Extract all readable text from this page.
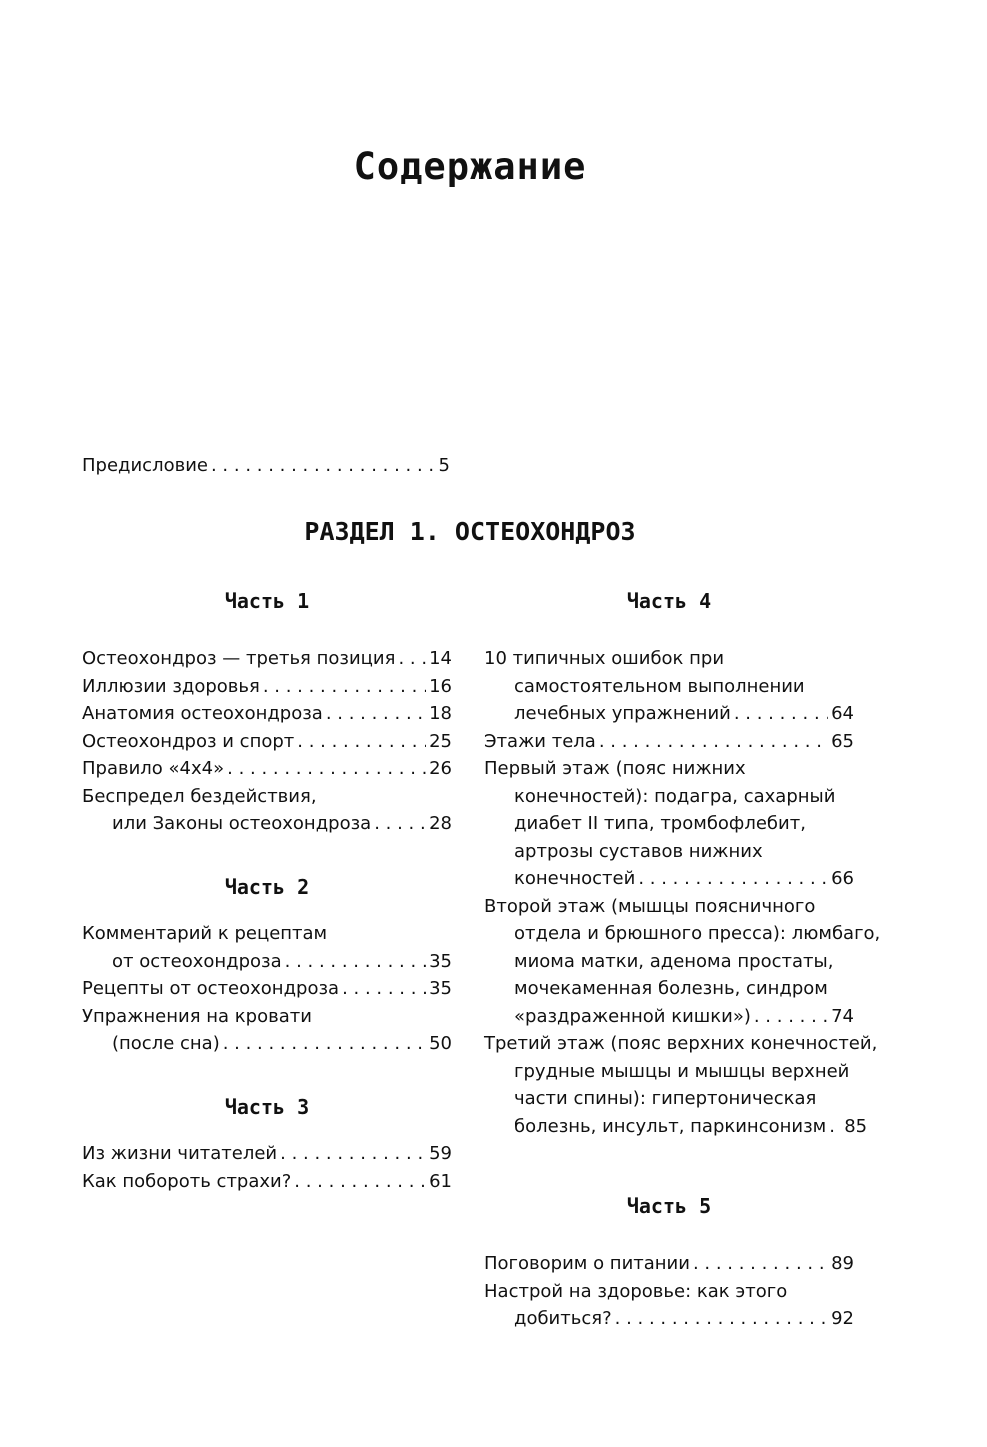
Содержание
Предисловие . . .	5
РАЗДЕЛ 1. ОСТЕОХОНДРОЗ
Часть 1
Часть 2
Часть 3
Часть 4
Часть 5
Остеохондроз — третья позиция . . . 14
Иллюзии здоровья . . .	16
Анатомия остеохондроза . . .	18
Остеохондроз и спорт . . .	25
Правило «4х4» . . .	26
Беспредел бездействия,
или Законы остеохондроза . . .	28
Комментарий к рецептам
от остеохондроза . . .	35
Рецепты от остеохондроза . . .	35
Упражнения на кровати
(после сна) . . .	50
Из жизни читателей . . .	59
Как побороть страхи? . . .	61
10 типичных ошибок при
самостоятельном выполнении
лечебных упражнений . . .	64
Этажи тела . . .	65
Первый этаж (пояс нижних
конечностей): подагра, сахарный
диабет II типа, тромбофлебит,
артрозы суставов нижних
конечностей . . .	66
Второй этаж (мышцы поясничного
отдела и брюшного пресса): люмбаго,
миома матки, аденома простаты,
мочекаменная болезнь, синдром
«раздраженной кишки») . . .	74
Третий этаж (пояс верхних конечностей,
грудные мышцы и мышцы верхней
части спины): гипертоническая
болезнь, инсульт, паркинсонизм . . . 85
Поговорим о питании . . .	89
Настрой на здоровье: как этого
добиться? . . .	92
